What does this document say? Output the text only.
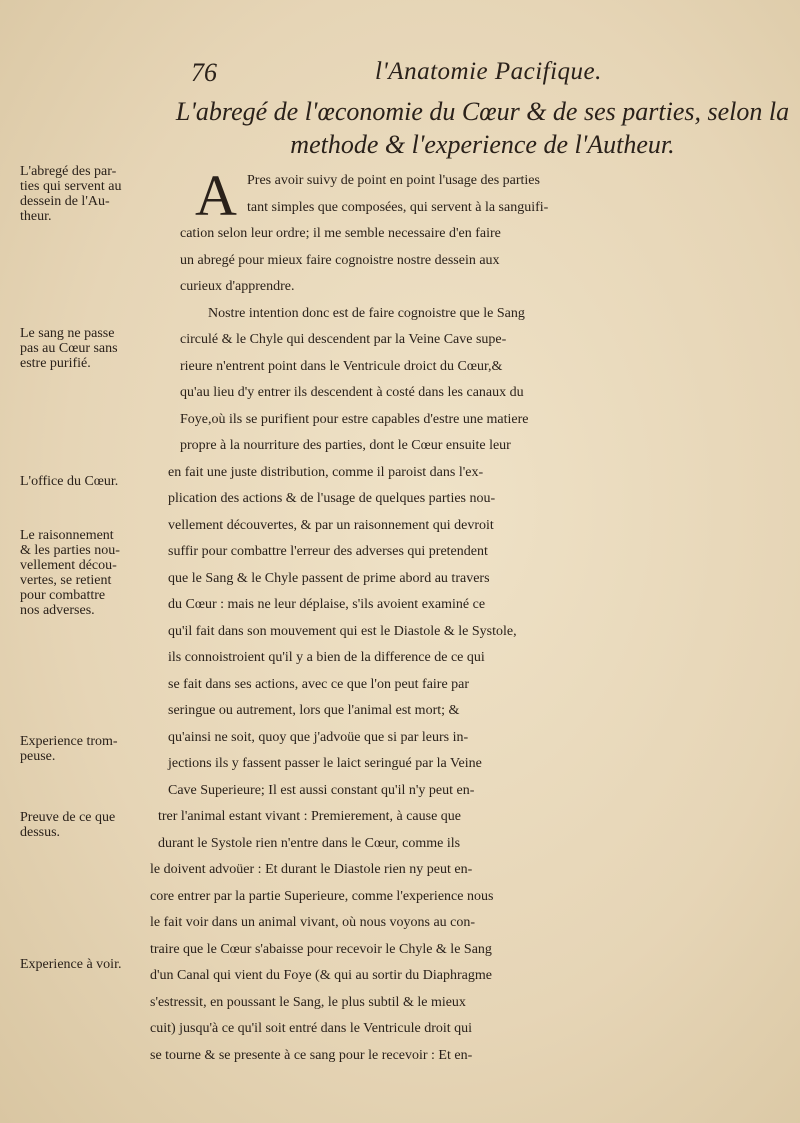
76	l'Anatomie Pacifique.
L'abregé de l'œconomie du Cœur & de ses parties, selon la
methode & l'experience de l'Autheur.
L'abregé des par-
ties qui servent au
dessein de l'Au-
theur.
Le sang ne passe
pas au Cœur sans
estre purifié.
L'office du Cœur.
Le raisonnement
& les parties nou-
vellement décou-
vertes, se retient
pour combattre
nos adverses.
Experience trom-
peuse.
Preuve de ce que
dessus.
Experience à voir.
A Pres avoir suivy de point en point l'usage des parties
tant simples que composées, qui servent à la sanguifi-
cation selon leur ordre; il me semble necessaire d'en faire
un abregé pour mieux faire cognoistre nostre dessein aux
curieux d'apprendre.
Nostre intention donc est de faire cognoistre que le Sang
circulé & le Chyle qui descendent par la Veine Cave supe-
rieure n'entrent point dans le Ventricule droict du Cœur,&
qu'au lieu d'y entrer ils descendent à costé dans les canaux du
Foye,où ils se purifient pour estre capables d'estre une matiere
propre à la nourriture des parties, dont le Cœur ensuite leur
en fait une juste distribution, comme il paroist dans l'ex-
plication des actions & de l'usage de quelques parties nou-
vellement découvertes, & par un raisonnement qui devroit
suffir pour combattre l'erreur des adverses qui pretendent
que le Sang & le Chyle passent de prime abord au travers
du Cœur : mais ne leur déplaise, s'ils avoient examiné ce
qu'il fait dans son mouvement qui est le Diastole & le Systole,
ils connoistroient qu'il y a bien de la difference de ce qui
se fait dans ses actions, avec ce que l'on peut faire par
seringue ou autrement, lors que l'animal est mort; &
qu'ainsi ne soit, quoy que j'advoüe que si par leurs in-
jections ils y fassent passer le laict seringué par la Veine
Cave Superieure; Il est aussi constant qu'il n'y peut en-
trer l'animal estant vivant : Premierement, à cause que
durant le Systole rien n'entre dans le Cœur, comme ils
le doivent advoüer : Et durant le Diastole rien ny peut en-
core entrer par la partie Superieure, comme l'experience nous
le fait voir dans un animal vivant, où nous voyons au con-
traire que le Cœur s'abaisse pour recevoir le Chyle & le Sang
d'un Canal qui vient du Foye (& qui au sortir du Diaphragme
s'estressit, en poussant le Sang, le plus subtil & le mieux
cuit) jusqu'à ce qu'il soit entré dans le Ventricule droit qui
se tourne & se presente à ce sang pour le recevoir : Et en-
